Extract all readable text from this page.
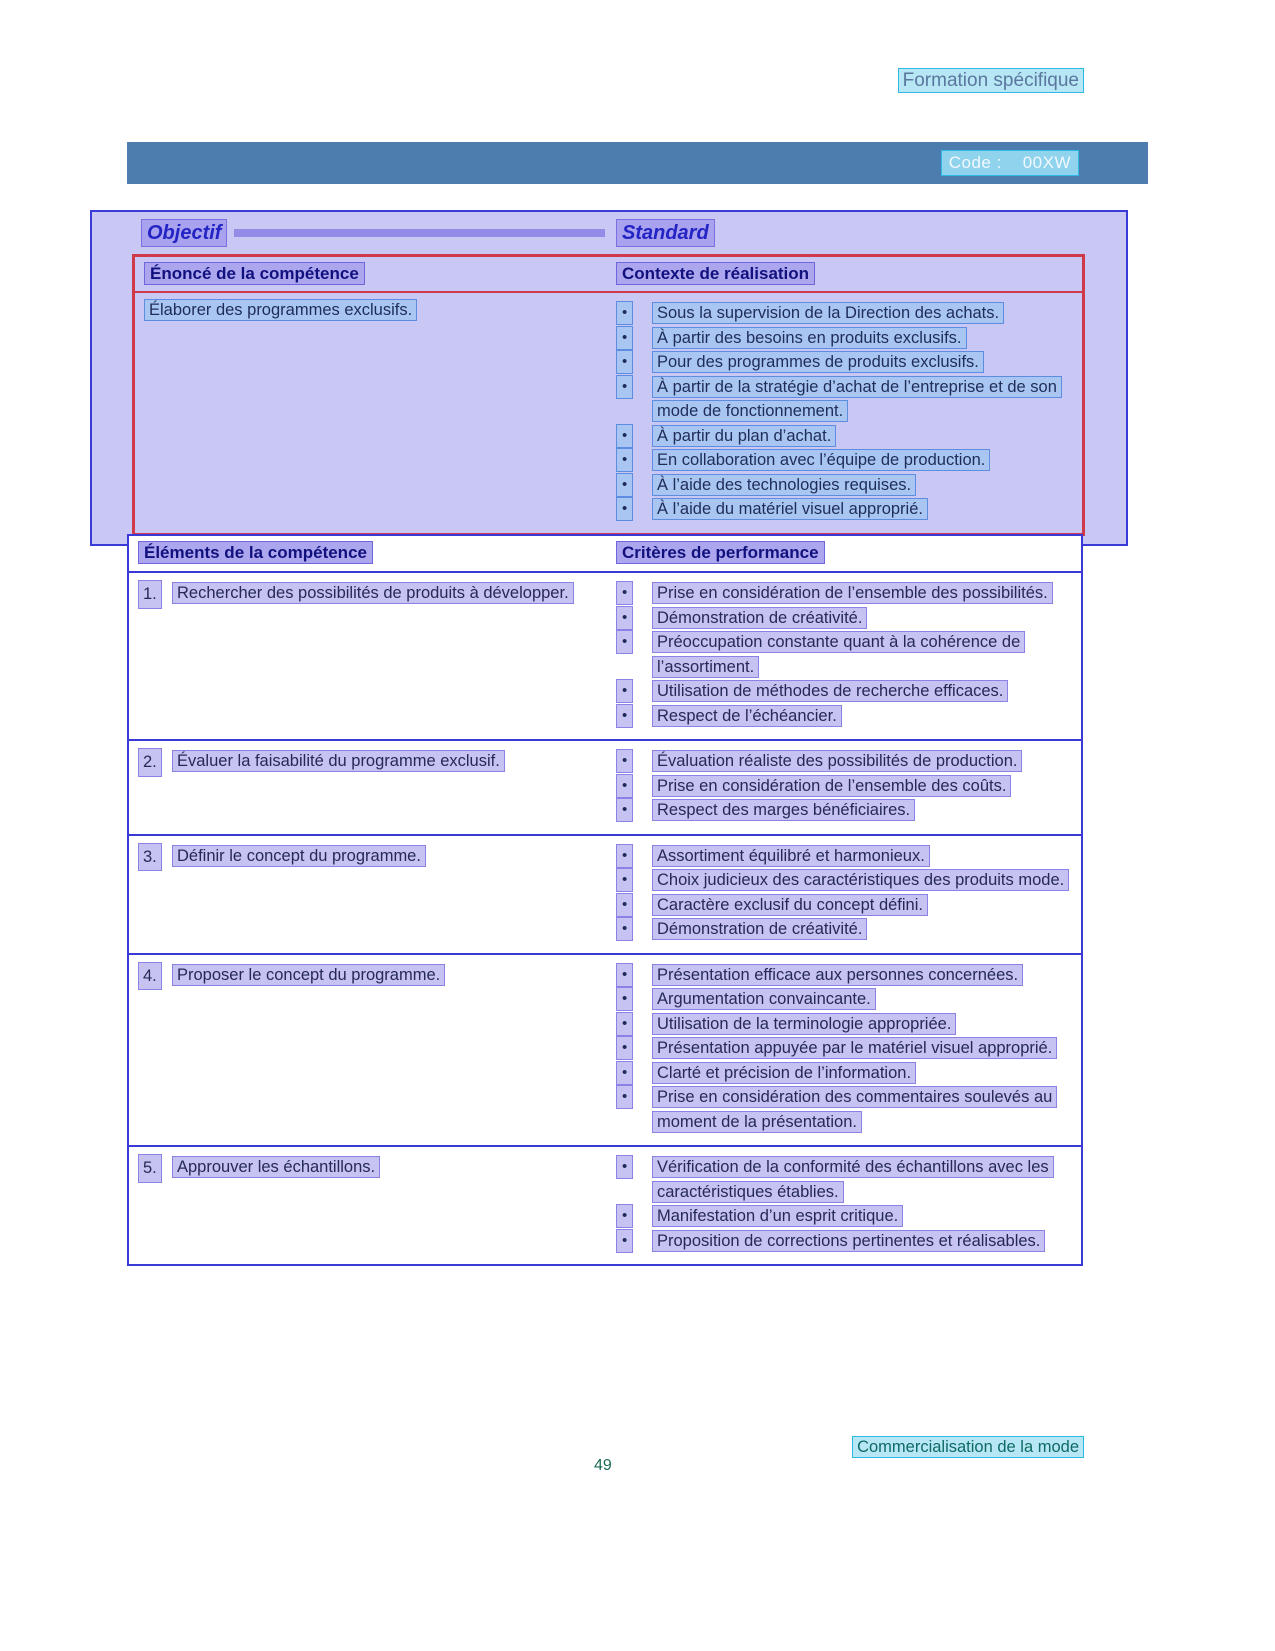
Formation spécifique
Code :    00XW
Objectif	Standard
Énoncé de la compétence	Contexte de réalisation
Élaborer des programmes exclusifs.	• Sous la supervision de la Direction des achats.
• À partir des besoins en produits exclusifs.
• Pour des programmes de produits exclusifs.
• À partir de la stratégie d’achat de l’entreprise et de son mode de fonctionnement.
• À partir du plan d’achat.
• En collaboration avec l’équipe de production.
• À l’aide des technologies requises.
• À l’aide du matériel visuel approprié.
Éléments de la compétence	Critères de performance
1. Rechercher des possibilités de produits à développer.	• Prise en considération de l’ensemble des possibilités.
• Démonstration de créativité.
• Préoccupation constante quant à la cohérence de l’assortiment.
• Utilisation de méthodes de recherche efficaces.
• Respect de l’échéancier.
2. Évaluer la faisabilité du programme exclusif.	• Évaluation réaliste des possibilités de production.
• Prise en considération de l’ensemble des coûts.
• Respect des marges bénéficiaires.
3. Définir le concept du programme.	• Assortiment équilibré et harmonieux.
• Choix judicieux des caractéristiques des produits mode.
• Caractère exclusif du concept défini.
• Démonstration de créativité.
4. Proposer le concept du programme.	• Présentation efficace aux personnes concernées.
• Argumentation convaincante.
• Utilisation de la terminologie appropriée.
• Présentation appuyée par le matériel visuel approprié.
• Clarté et précision de l’information.
• Prise en considération des commentaires soulevés au moment de la présentation.
5. Approuver les échantillons.	• Vérification de la conformité des échantillons avec les caractéristiques établies.
• Manifestation d’un esprit critique.
• Proposition de corrections pertinentes et réalisables.
Commercialisation de la mode
49
